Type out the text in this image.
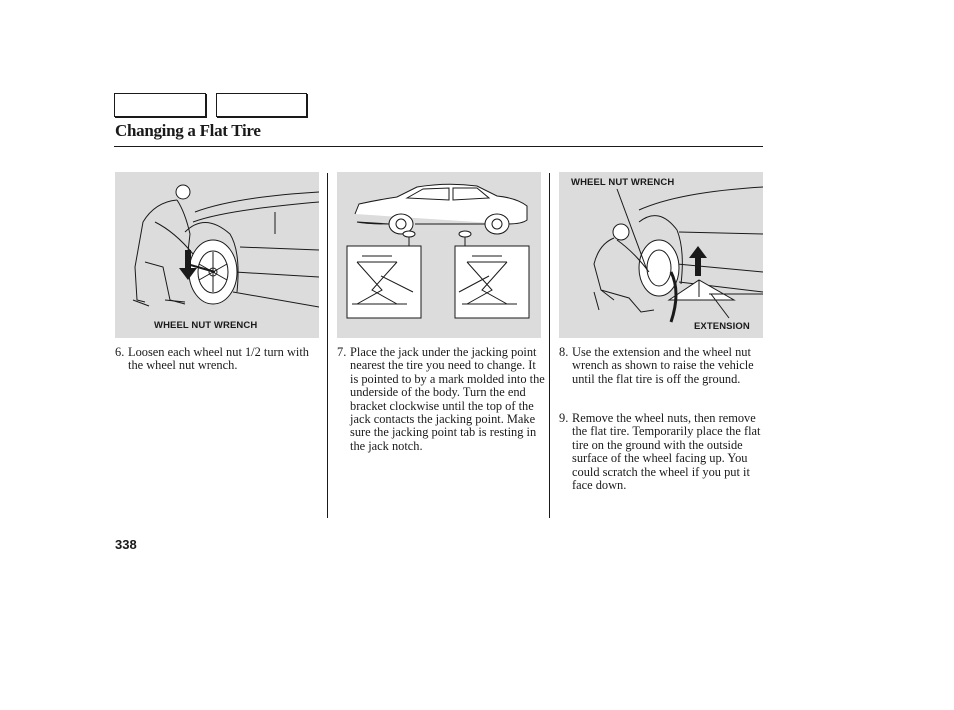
Changing a Flat Tire
WHEEL NUT WRENCH
WHEEL NUT WRENCH
EXTENSION
6. Loosen each wheel nut 1/2 turn with the wheel nut wrench.
7. Place the jack under the jacking point nearest the tire you need to change. It is pointed to by a mark molded into the underside of the body. Turn the end bracket clockwise until the top of the jack contacts the jacking point. Make sure the jacking point tab is resting in the jack notch.
8. Use the extension and the wheel nut wrench as shown to raise the vehicle until the flat tire is off the ground.
9. Remove the wheel nuts, then remove the flat tire. Temporarily place the flat tire on the ground with the outside surface of the wheel facing up. You could scratch the wheel if you put it face down.
338
